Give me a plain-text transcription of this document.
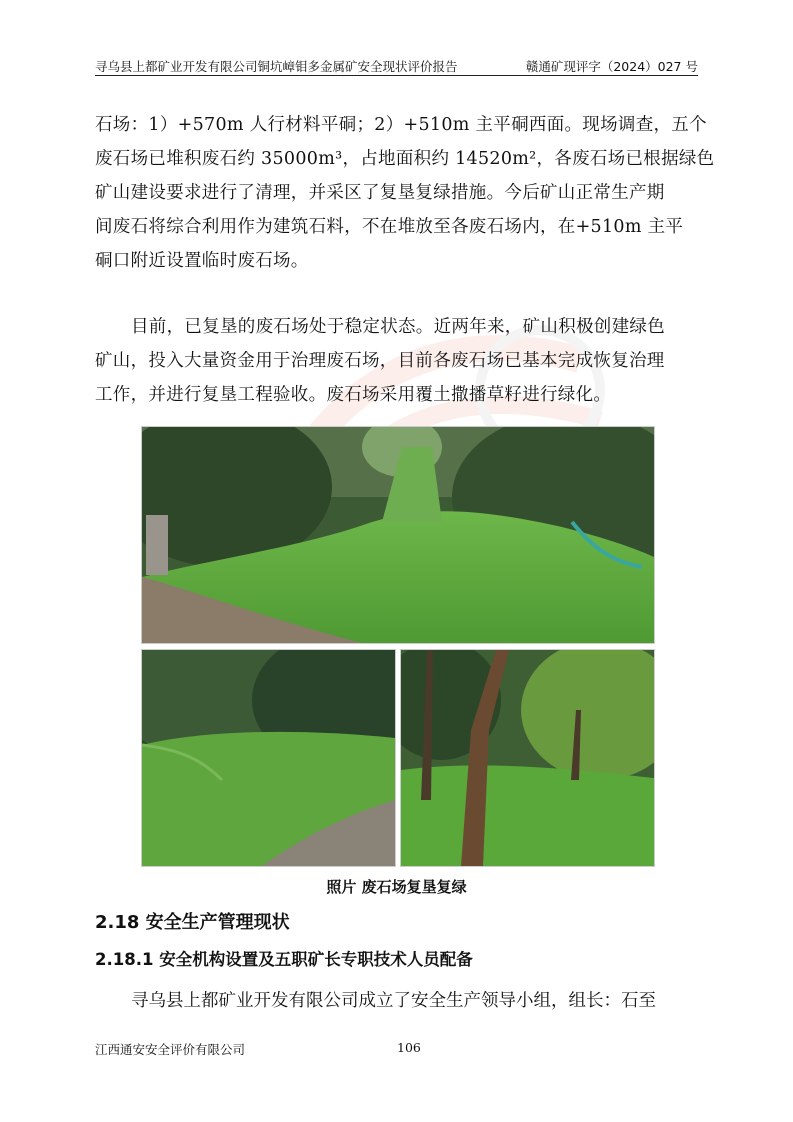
寻乌县上都矿业开发有限公司铜坑嶂钼多金属矿安全现状评价报告	赣通矿现评字（2024）027 号
石场：1）+570m 人行材料平硐；2）+510m 主平硐西面。现场调查，五个
废石场已堆积废石约 35000m³，占地面积约 14520m²，各废石场已根据绿色
矿山建设要求进行了清理，并采区了复垦复绿措施。今后矿山正常生产期
间废石将综合利用作为建筑石料，不在堆放至各废石场内，在+510m 主平
硐口附近设置临时废石场。
目前，已复垦的废石场处于稳定状态。近两年来，矿山积极创建绿色
矿山，投入大量资金用于治理废石场，目前各废石场已基本完成恢复治理
工作，并进行复垦工程验收。废石场采用覆土撒播草籽进行绿化。
照片 废石场复垦复绿
2.18 安全生产管理现状
2.18.1 安全机构设置及五职矿长专职技术人员配备
寻乌县上都矿业开发有限公司成立了安全生产领导小组，组长：石至
江西通安安全评价有限公司	106
